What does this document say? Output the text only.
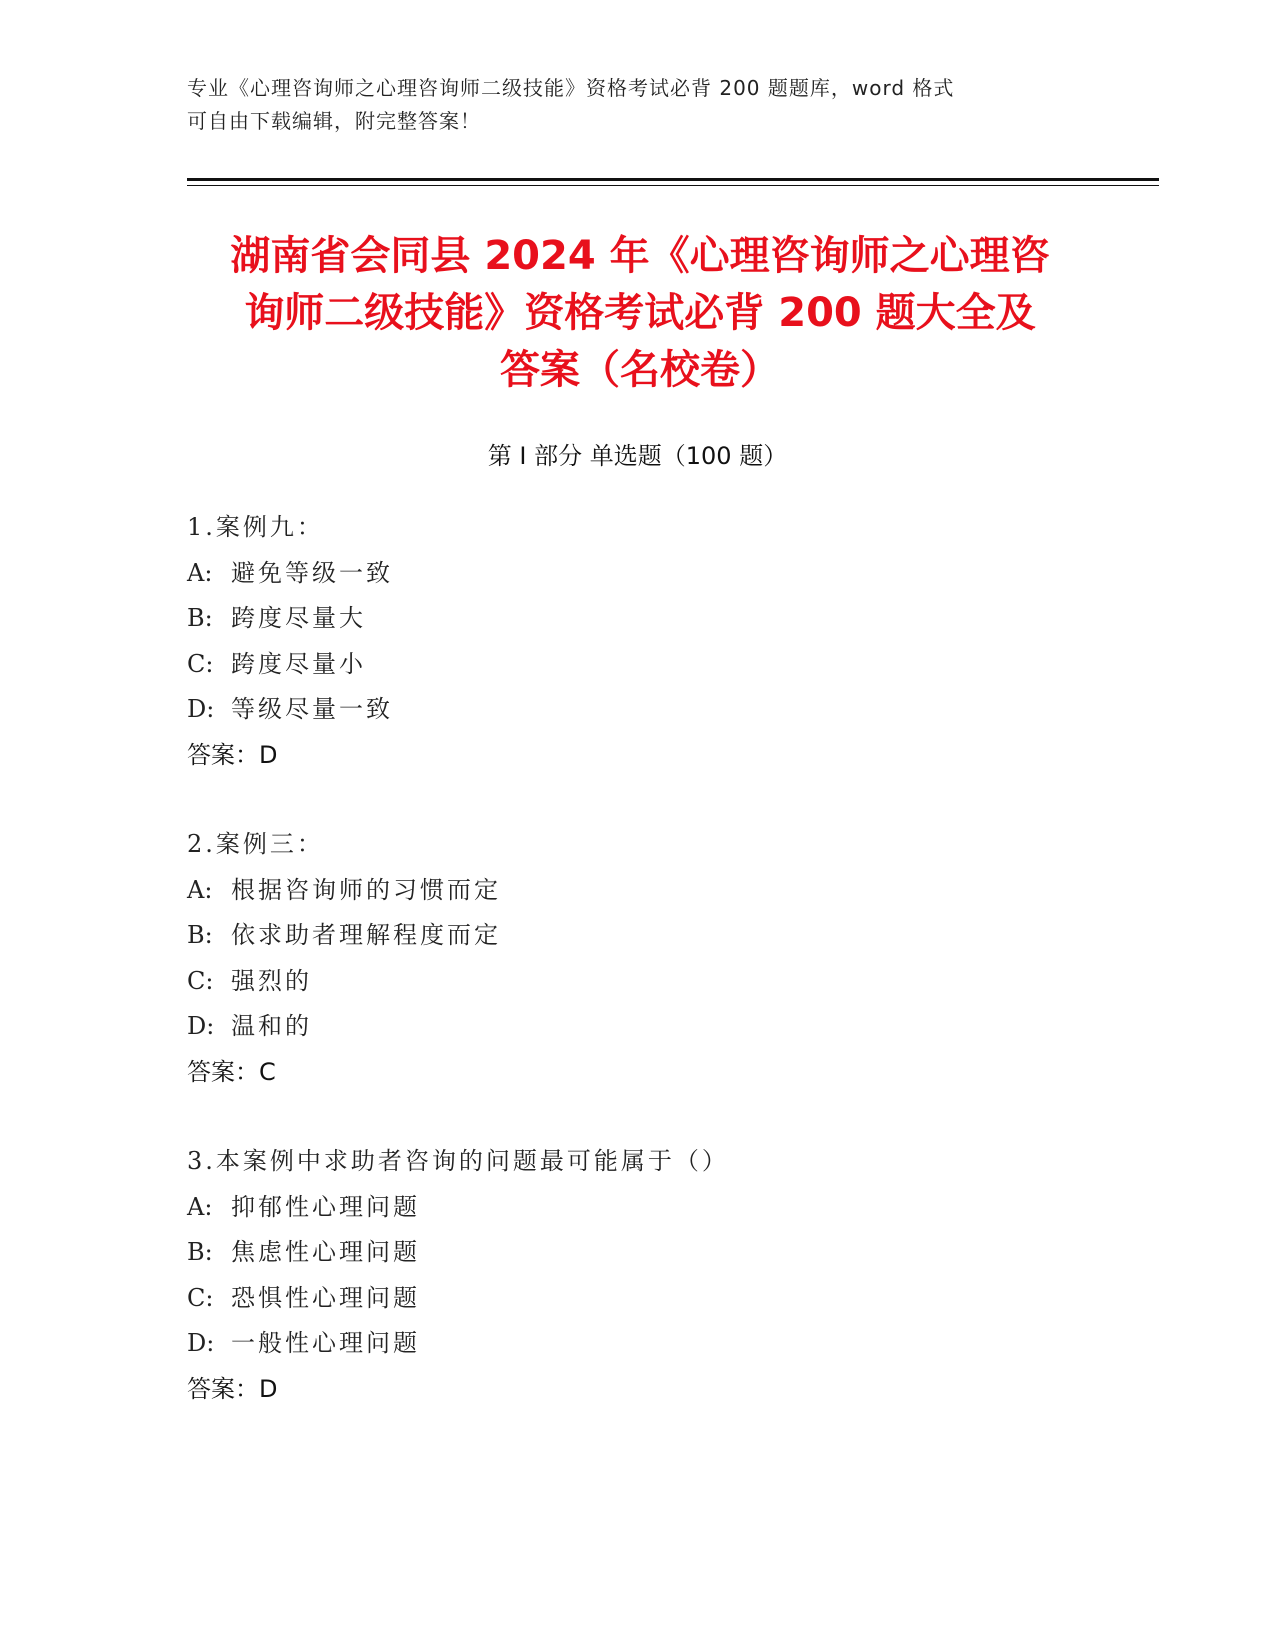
专业《心理咨询师之心理咨询师二级技能》资格考试必背 200 题题库，word 格式
可自由下载编辑，附完整答案！
湖南省会同县 2024 年《心理咨询师之心理咨
询师二级技能》资格考试必背 200 题大全及
答案（名校卷）
第 I 部分 单选题（100 题）
1.案例九：
A: 避免等级一致
B: 跨度尽量大
C: 跨度尽量小
D: 等级尽量一致
答案：D
2.案例三：
A: 根据咨询师的习惯而定
B: 依求助者理解程度而定
C: 强烈的
D: 温和的
答案：C
3.本案例中求助者咨询的问题最可能属于（）
A: 抑郁性心理问题
B: 焦虑性心理问题
C: 恐惧性心理问题
D: 一般性心理问题
答案：D
